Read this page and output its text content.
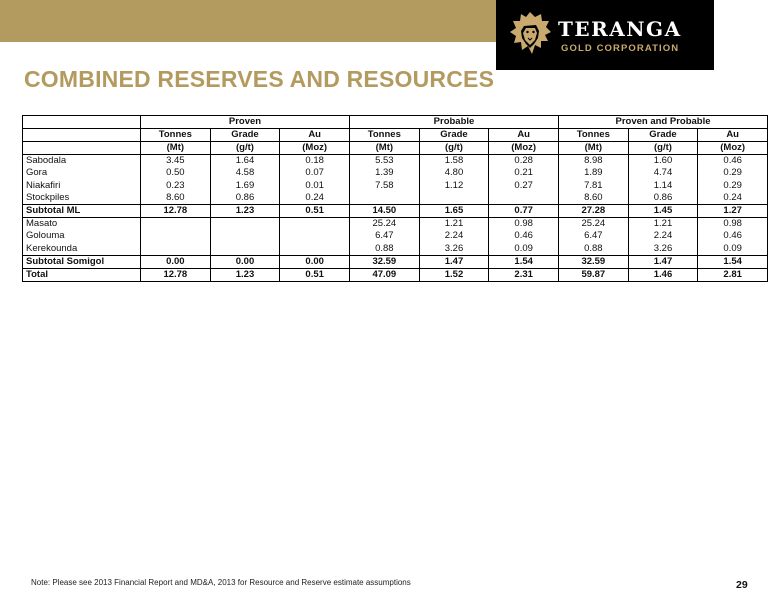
TERANGA
GOLD CORPORATION
COMBINED RESERVES AND RESOURCES
	Proven			Probable			Proven and Probable		
	Tonnes	Grade	Au	Tonnes	Grade	Au	Tonnes	Grade	Au
	(Mt)	(g/t)	(Moz)	(Mt)	(g/t)	(Moz)	(Mt)	(g/t)	(Moz)
Sabodala	3.45	1.64	0.18	5.53	1.58	0.28	8.98	1.60	0.46
Gora	0.50	4.58	0.07	1.39	4.80	0.21	1.89	4.74	0.29
Niakafiri	0.23	1.69	0.01	7.58	1.12	0.27	7.81	1.14	0.29
Stockpiles	8.60	0.86	0.24				8.60	0.86	0.24
Subtotal ML	12.78	1.23	0.51	14.50	1.65	0.77	27.28	1.45	1.27
Masato				25.24	1.21	0.98	25.24	1.21	0.98
Golouma				6.47	2.24	0.46	6.47	2.24	0.46
Kerekounda				0.88	3.26	0.09	0.88	3.26	0.09
Subtotal Somigol	0.00	0.00	0.00	32.59	1.47	1.54	32.59	1.47	1.54
Total	12.78	1.23	0.51	47.09	1.52	2.31	59.87	1.46	2.81
Note: Please see 2013 Financial Report and MD&A, 2013 for Resource and Reserve estimate assumptions	29
